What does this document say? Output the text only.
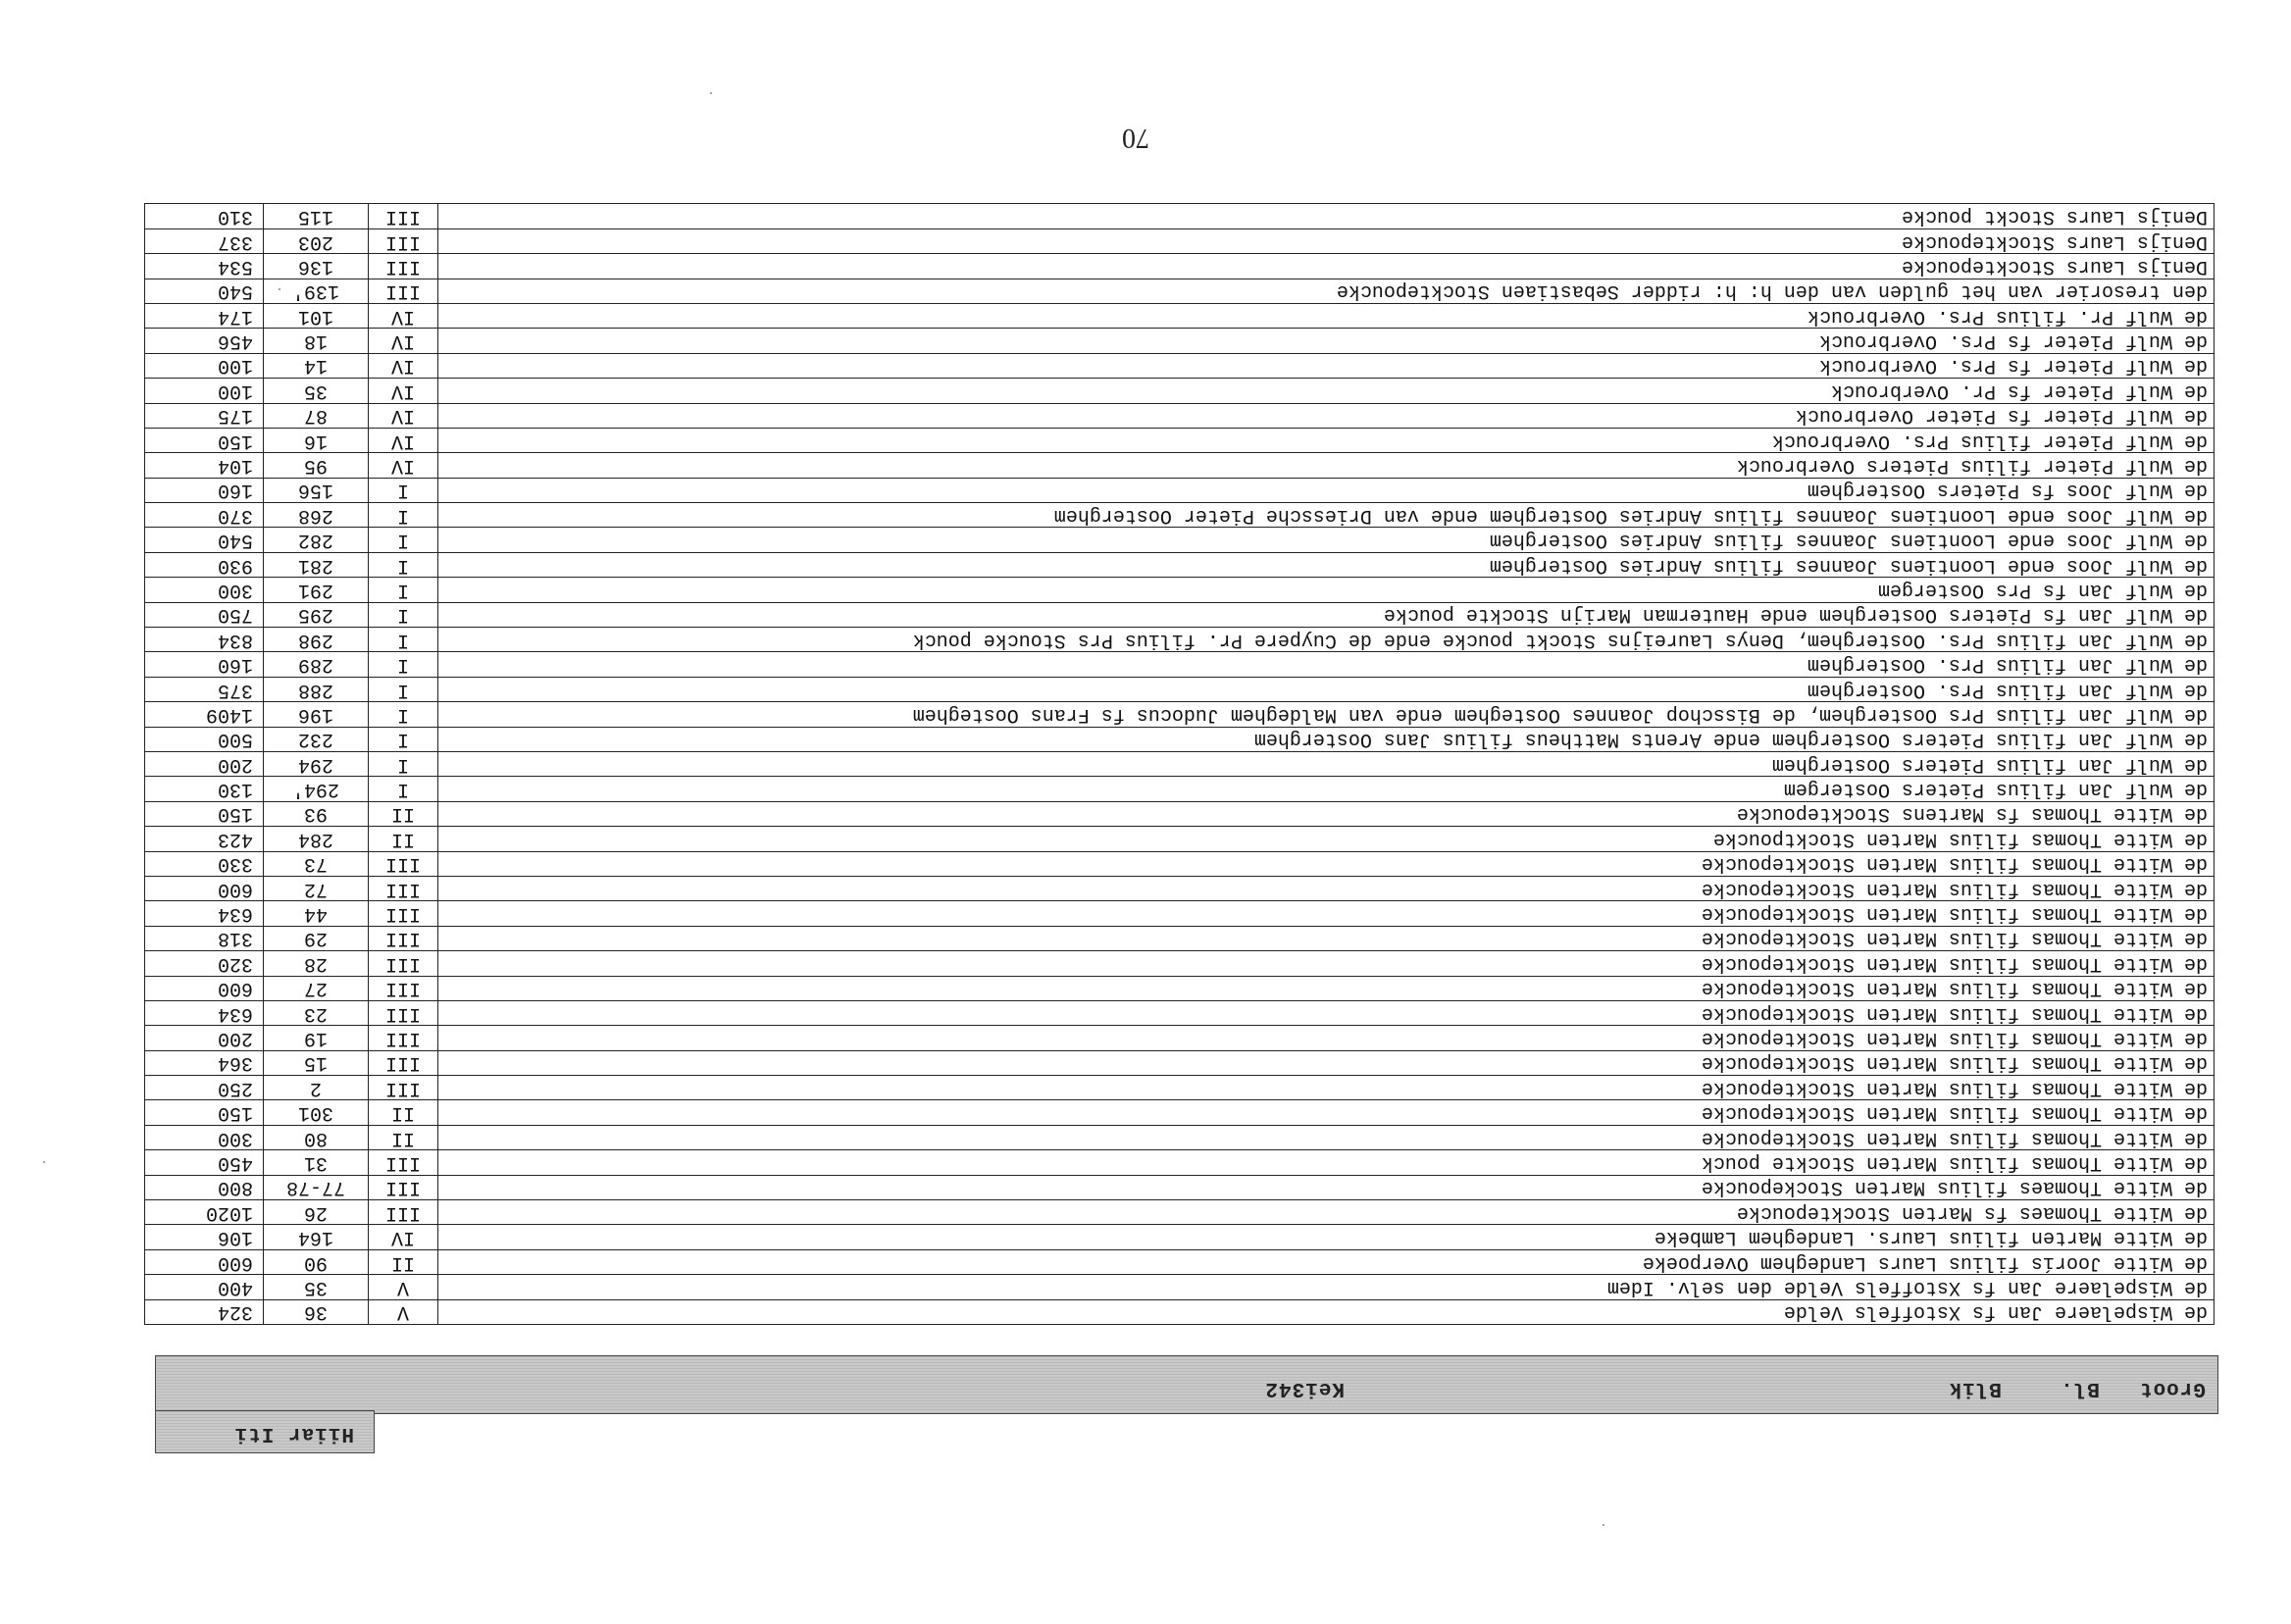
Groot
Bl.
Blik
Kei342
Hiiar Iti
de Wispelaere Jan fs Xstoffels Velde	V	36	324
de Wispelaere Jan fs Xstoffels Velde den selv. Idem	V	35	400
de Witte Joorís filius Laurs Landeghem Overpoeke	II	90	600
de Witte Marten filius Laurs. Landeghem Lambeke	IV	164	106
de Witte Thomaes fs Marten Stocktepoucke	III	26	1020
de Witte Thomaes filius Marten Stockepoucke	III	77-78	800
de Witte Thomas filius Marten Stockte pouck	III	31	450
de Witte Thomas filius Marten Stocktepoucke	II	80	300
de Witte Thomas filius Marten Stocktepoucke	II	301	150
de Witte Thomas filius Marten Stocktepoucke	III	2	250
de Witte Thomas filius Marten Stocktepoucke	III	15	364
de Witte Thomas filius Marten Stocktepoucke	III	19	200
de Witte Thomas filius Marten Stocktepoucke	III	23	634
de Witte Thomas filius Marten Stocktepoucke	III	27	600
de Witte Thomas filius Marten Stocktepoucke	III	28	320
de Witte Thomas filius Marten Stocktepoucke	III	29	318
de Witte Thomas filius Marten Stocktepoucke	III	44	634
de Witte Thomas filius Marten Stocktepoucke	III	72	600
de Witte Thomas filius Marten Stocktepoucke	III	73	330
de Witte Thomas filius Marten Stocktpoucke	II	284	423
de Witte Thomas fs Martens Stocktepoucke	II	93	150
de Wulf Jan filius Pieters Oostergem	I	294'	130
de Wulf Jan filius Pieters Oosterghem	I	294	200
de Wulf Jan filius Pieters Oosterghem ende Arents Mattheus filius Jans Oosterghem	I	232	500
de Wulf Jan filius Prs Oosterghem, de Bisschop Joannes Oosteghem ende van Maldeghem Judocus fs Frans Oosteghem	I	196	1409
de Wulf Jan filius Prs. Oosterghem	I	288	375
de Wulf Jan filius Prs. Oosterghem	I	289	160
de Wulf Jan filius Prs. Oosterghem, Denys Laureijns Stockt poucke ende de Cuypere Pr. filius Prs Stoucke pouck	I	298	834
de Wulf Jan fs Pieters Oosterghem ende Hauterman Marijn Stockte poucke	I	295	750
de Wulf Jan fs Prs Oostergem	I	291	300
de Wulf Joos ende Loontiens Joannes filius Andries Oosterghem	I	281	930
de Wulf Joos ende Loontiens Joannes filius Andries Oosterghem	I	282	540
de Wulf Joos ende Loontiens Joannes filius Andries Oosterghem ende van Driessche Pieter Oosterghem	I	268	370
de Wulf Joos fs Pieters Oosterghem	I	156	160
de Wulf Pieter filius Pieters Overbrouck	IV	95	104
de Wulf Pieter filius Prs. Overbrouck	IV	16	150
de Wulf Pieter fs Pieter Overbrouck	IV	87	175
de Wulf Pieter fs Pr. Overbrouck	IV	35	100
de Wulf Pieter fs Prs. Overbrouck	IV	14	100
de Wulf Pieter fs Prs. Overbrouck	IV	18	456
de Wulf Pr. filius Prs. Overbrouck	IV	101	174
den tresorier van het gulden van den h: h: ridder Sebastiaen Stocktepoucke	III	139'	540
Denijs Laurs Stocktepoucke	III	136	534
Denijs Laurs Stocktepoucke	III	203	337
Denijs Laurs Stockt poucke	III	115	310
70
